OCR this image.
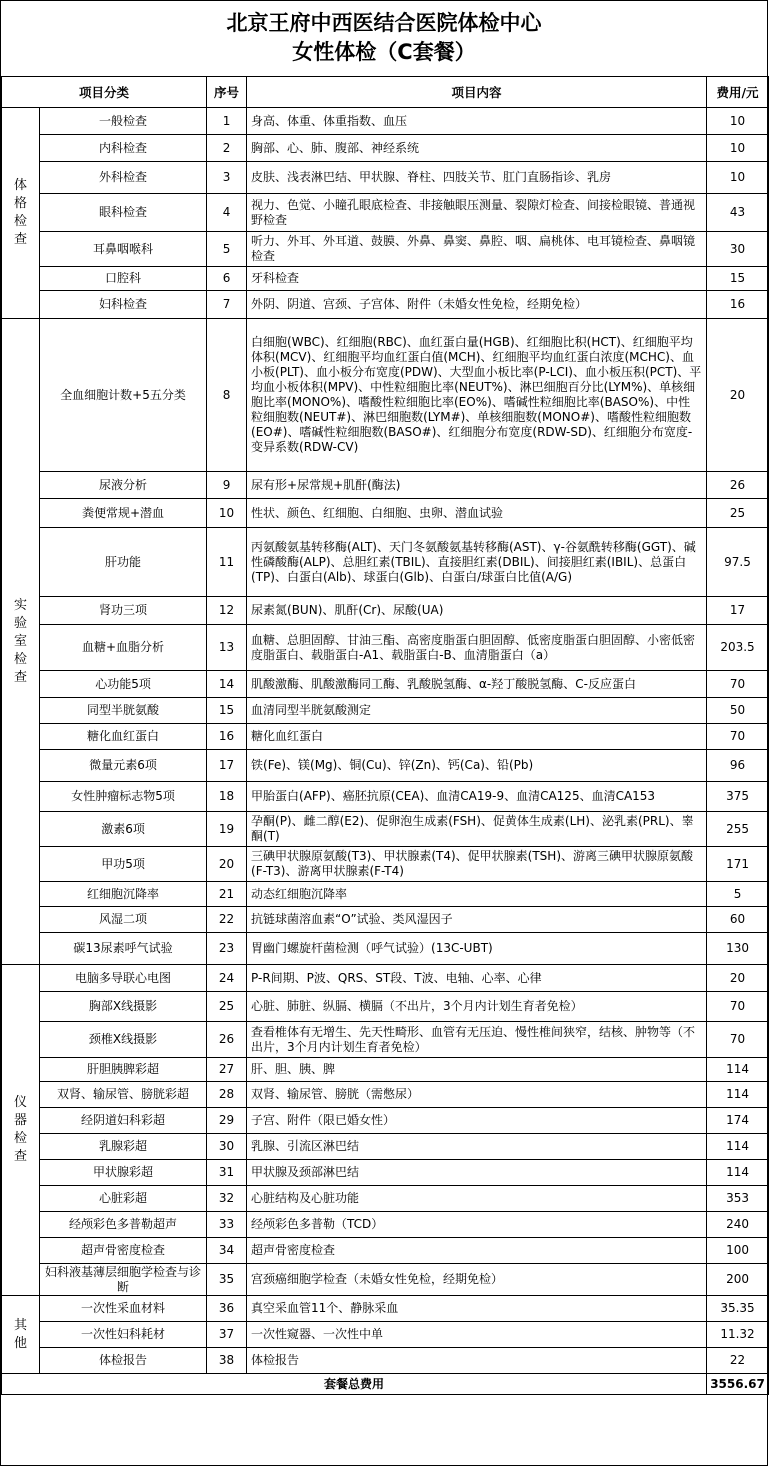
北京王府中西医结合医院体检中心
女性体检（C套餐）
项目分类		序号	项目内容	费用/元
体格检查	一般检查	1	身高、体重、体重指数、血压	10
	内科检查	2	胸部、心、肺、腹部、神经系统	10
	外科检查	3	皮肤、浅表淋巴结、甲状腺、脊柱、四肢关节、肛门直肠指诊、乳房	10
	眼科检查	4	视力、色觉、小瞳孔眼底检查、非接触眼压测量、裂隙灯检查、间接检眼镜、普通视野检查	43
	耳鼻咽喉科	5	听力、外耳、外耳道、鼓膜、外鼻、鼻窦、鼻腔、咽、扁桃体、电耳镜检查、鼻咽镜检查	30
	口腔科	6	牙科检查	15
	妇科检查	7	外阴、阴道、宫颈、子宫体、附件（未婚女性免检，经期免检）	16
实验室检查	全血细胞计数+5五分类	8	白细胞(WBC)、红细胞(RBC)、血红蛋白量(HGB)、红细胞比积(HCT)、红细胞平均体积(MCV)、红细胞平均血红蛋白值(MCH)、红细胞平均血红蛋白浓度(MCHC)、血小板(PLT)、血小板分布宽度(PDW)、大型血小板比率(P-LCI)、血小板压积(PCT)、平均血小板体积(MPV)、中性粒细胞比率(NEUT%)、淋巴细胞百分比(LYM%)、单核细胞比率(MONO%)、嗜酸性粒细胞比率(EO%)、嗜碱性粒细胞比率(BASO%)、中性粒细胞数(NEUT#)、淋巴细胞数(LYM#)、单核细胞数(MONO#)、嗜酸性粒细胞数(EO#)、嗜碱性粒细胞数(BASO#)、红细胞分布宽度(RDW-SD)、红细胞分布宽度-变异系数(RDW-CV)	20
	尿液分析	9	尿有形+尿常规+肌酐(酶法)	26
	粪便常规+潜血	10	性状、颜色、红细胞、白细胞、虫卵、潜血试验	25
	肝功能	11	丙氨酸氨基转移酶(ALT)、天门冬氨酸氨基转移酶(AST)、γ-谷氨酰转移酶(GGT)、碱性磷酸酶(ALP)、总胆红素(TBIL)、直接胆红素(DBIL)、间接胆红素(IBIL)、总蛋白(TP)、白蛋白(Alb)、球蛋白(Glb)、白蛋白/球蛋白比值(A/G)	97.5
	肾功三项	12	尿素氮(BUN)、肌酐(Cr)、尿酸(UA)	17
	血糖+血脂分析	13	血糖、总胆固醇、甘油三酯、高密度脂蛋白胆固醇、低密度脂蛋白胆固醇、小密低密度脂蛋白、载脂蛋白-A1、载脂蛋白-B、血清脂蛋白（a）	203.5
	心功能5项	14	肌酸激酶、肌酸激酶同工酶、乳酸脱氢酶、α-羟丁酸脱氢酶、C-反应蛋白	70
	同型半胱氨酸	15	血清同型半胱氨酸测定	50
	糖化血红蛋白	16	糖化血红蛋白	70
	微量元素6项	17	铁(Fe)、镁(Mg)、铜(Cu)、锌(Zn)、钙(Ca)、铅(Pb)	96
	女性肿瘤标志物5项	18	甲胎蛋白(AFP)、癌胚抗原(CEA)、血清CA19-9、血清CA125、血清CA153	375
	激素6项	19	孕酮(P)、雌二醇(E2)、促卵泡生成素(FSH)、促黄体生成素(LH)、泌乳素(PRL)、睾酮(T)	255
	甲功5项	20	三碘甲状腺原氨酸(T3)、甲状腺素(T4)、促甲状腺素(TSH)、游离三碘甲状腺原氨酸(F-T3)、游离甲状腺素(F-T4)	171
	红细胞沉降率	21	动态红细胞沉降率	5
	风湿二项	22	抗链球菌溶血素“O”试验、类风湿因子	60
	碳13尿素呼气试验	23	胃幽门螺旋杆菌检测（呼气试验）(13C-UBT)	130
仪器检查	电脑多导联心电图	24	P-R间期、P波、QRS、ST段、T波、电轴、心率、心律	20
	胸部X线摄影	25	心脏、肺脏、纵膈、横膈（不出片，3个月内计划生育者免检）	70
	颈椎X线摄影	26	查看椎体有无增生、先天性畸形、血管有无压迫、慢性椎间狭窄，结核、肿物等（不出片，3个月内计划生育者免检）	70
	肝胆胰脾彩超	27	肝、胆、胰、脾	114
	双肾、输尿管、膀胱彩超	28	双肾、输尿管、膀胱（需憋尿）	114
	经阴道妇科彩超	29	子宫、附件（限已婚女性）	174
	乳腺彩超	30	乳腺、引流区淋巴结	114
	甲状腺彩超	31	甲状腺及颈部淋巴结	114
	心脏彩超	32	心脏结构及心脏功能	353
	经颅彩色多普勒超声	33	经颅彩色多普勒（TCD）	240
	超声骨密度检查	34	超声骨密度检查	100
	妇科液基薄层细胞学检查与诊断	35	宫颈癌细胞学检查（未婚女性免检，经期免检）	200
其他	一次性采血材料	36	真空采血管11个、静脉采血	35.35
	一次性妇科耗材	37	一次性窥器、一次性中单	11.32
	体检报告	38	体检报告	22
套餐总费用				3556.67
